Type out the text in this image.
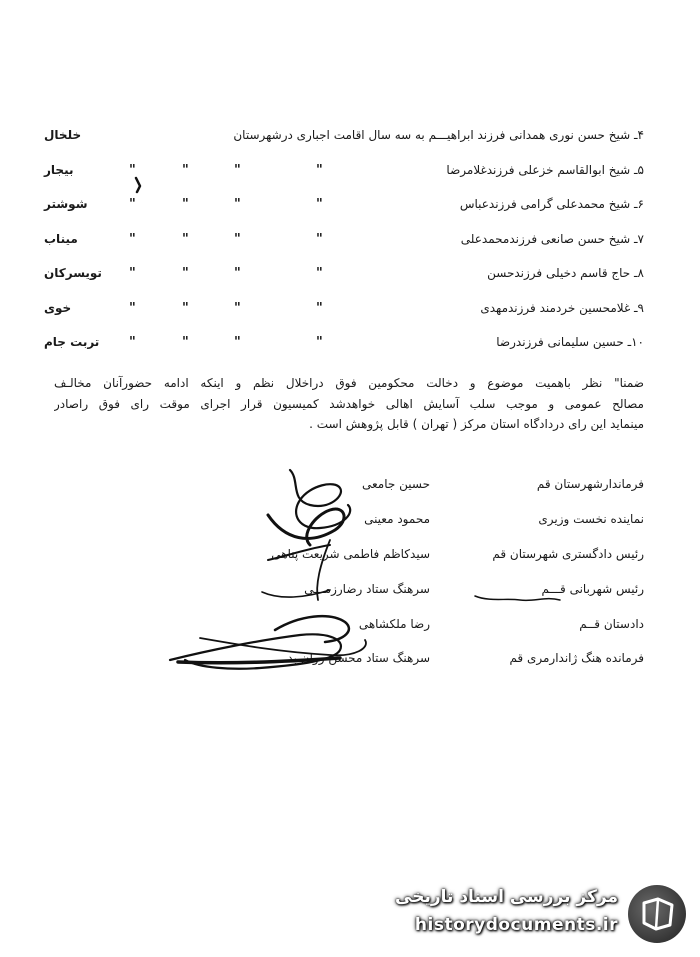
۴ـ شیخ حسن نوری همدانی فرزند ابراهیـــم به سه سال اقامت اجباری درشهرستان
خلخال
۵ـ شیخ ابوالقاسم خزعلی فرزندغلامرضا
"
"
"
"
بیجار
۶ـ شیخ محمدعلی گرامی فرزندعباس
"
"
"
"
شوشتر
۷ـ شیخ حسن صانعی فرزندمحمدعلی
"
"
"
"
میناب
۸ـ حاج قاسم دخیلی فرزندحسن
"
"
"
"
تویسرکان
۹ـ غلامحسین خردمند فرزندمهدی
"
"
"
"
خوی
۱۰ـ حسین سلیمانی فرزندرضا
"
"
"
"
تربت جام
ضمنا" نظر باهمیت موضوع و دخالت محکومین فوق دراخلال نظم و اینکه ادامه حضورآنان مخالـف
مصالح عمومی و موجب سلب آسایش اهالی خواهدشد کمیسیون قرار اجرای موقت رای فوق راصادر
مینماید این رای دردادگاه استان مرکز ( تهران ) قابل پژوهش است .
فرماندارشهرستان قم
حسین جامعی
نماینده نخست وزیری
محمود معینی
رئیس دادگستری شهرستان قم
سیدکاظم فاطمی شریعت پناهی
رئیس شهربانی قـــم
سرهنگ ستاد رضارزمـــی
دادستان قــم
رضا ملکشاهی
فرمانده هنگ ژاندارمری قم
سرهنگ ستاد محسن روان بد
مرکز بررسی اسناد تاریخی
historydocuments.ir
